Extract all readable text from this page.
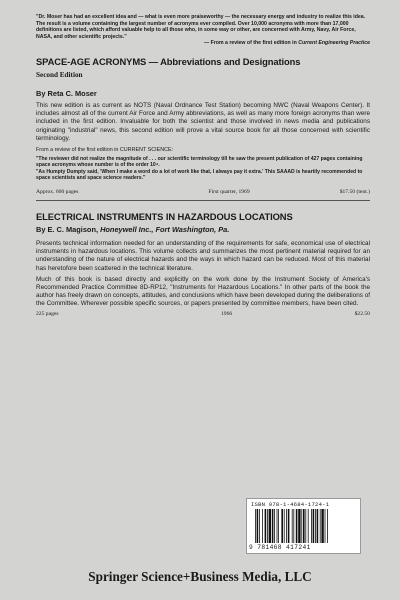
"Dr. Moser has had an excellent idea and — what is even more praiseworthy — the necessary energy and industry to realize this idea. The result is a volume containing the largest number of acronyms ever compiled. Over 10,000 acronyms with more than 17,000 definitions are listed, which afford valuable help to all those who, in some way or other, are concerned with Army, Navy, Air Force, NASA, and other scientific projects."
— From a review of the first edition in Current Engineering Practice
SPACE-AGE ACRONYMS — Abbreviations and Designations
Second Edition
By Reta C. Moser
This new edition is as current as NOTS (Naval Ordnance Test Station) becoming NWC (Naval Weapons Center). It includes almost all of the current Air Force and Army abbreviations, as well as many more foreign acronyms than were included in the first edition. Invaluable for both the scientist and those involved in news media and publications originating "industrial" news, this second edition will prove a vital source book for all those concerned with scientific terminology.
From a review of the first edition in CURRENT SCIENCE:
"The reviewer did not realize the magnitude of . . . our scientific terminology till he saw the present publication of 427 pages containing space acronyms whose number is of the order 10⁴.
"As Humpty Dumpty said, 'When I make a word do a lot of work like that, I always pay it extra.' This SAAAD is heartily recommended to space scientists and space science readers."
Approx. 600 pages	First quarter, 1969	$17.50 (tent.)
ELECTRICAL INSTRUMENTS IN HAZARDOUS LOCATIONS
By E. C. Magison, Honeywell Inc., Fort Washington, Pa.
Presents technical information needed for an understanding of the requirements for safe, economical use of electrical instruments in hazardous locations. This volume collects and summarizes the most pertinent material required for an understanding of the nature of electrical hazards and the ways in which hazard can be reduced. Most of this material has heretofore been scattered in the technical literature.
Much of this book is based directly and explicitly on the work done by the Instrument Society of America's Recommended Practice Committee 8D-RP12, "Instruments for Hazardous Locations." In other parts of the book the author has freely drawn on concepts, attitudes, and conclusions which have been developed during the deliberations of the Committee. Wherever possible specific sources, or papers presented by committee members, have been cited.
225 pages	1966	$22.50
ISBN 978-1-4684-1724-1
9 781468 417241
Springer Science+Business Media, LLC
